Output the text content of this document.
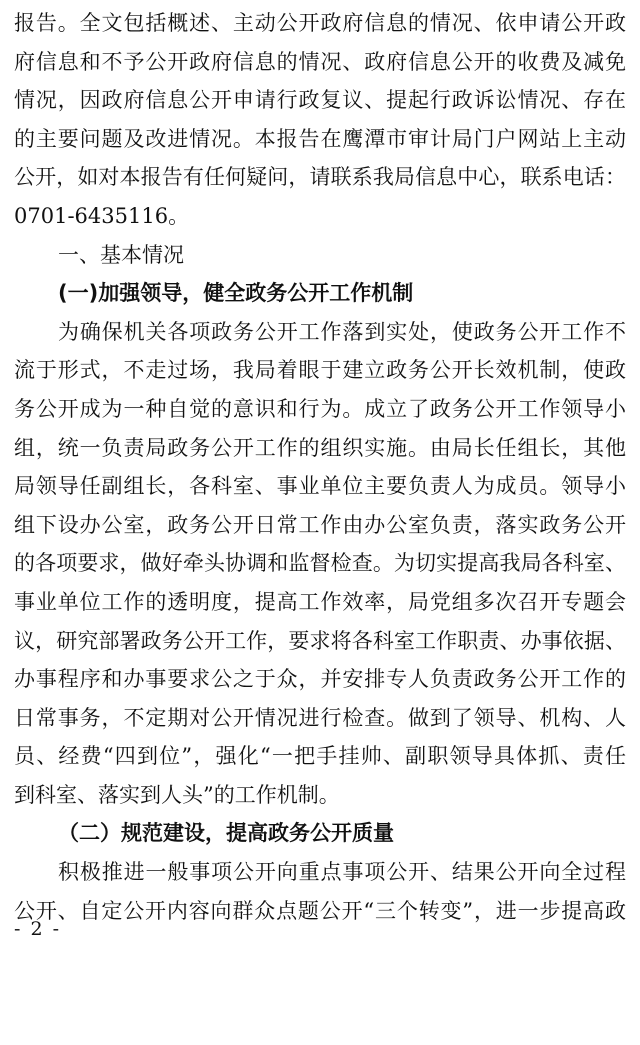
报告。全文包括概述、主动公开政府信息的情况、依申请公开政
府信息和不予公开政府信息的情况、政府信息公开的收费及减免
情况，因政府信息公开申请行政复议、提起行政诉讼情况、存在
的主要问题及改进情况。本报告在鹰潭市审计局门户网站上主动
公开，如对本报告有任何疑问，请联系我局信息中心，联系电话：
0701-6435116。
一、基本情况
(一)加强领导，健全政务公开工作机制
为确保机关各项政务公开工作落到实处，使政务公开工作不
流于形式，不走过场，我局着眼于建立政务公开长效机制，使政
务公开成为一种自觉的意识和行为。成立了政务公开工作领导小
组，统一负责局政务公开工作的组织实施。由局长任组长，其他
局领导任副组长，各科室、事业单位主要负责人为成员。领导小
组下设办公室，政务公开日常工作由办公室负责，落实政务公开
的各项要求，做好牵头协调和监督检查。为切实提高我局各科室、
事业单位工作的透明度，提高工作效率，局党组多次召开专题会
议，研究部署政务公开工作，要求将各科室工作职责、办事依据、
办事程序和办事要求公之于众，并安排专人负责政务公开工作的
日常事务，不定期对公开情况进行检查。做到了领导、机构、人
员、经费“四到位”，强化“一把手挂帅、副职领导具体抓、责任
到科室、落实到人头”的工作机制。
（二）规范建设，提高政务公开质量
积极推进一般事项公开向重点事项公开、结果公开向全过程
公开、自定公开内容向群众点题公开“三个转变”，进一步提高政
- 2 -
